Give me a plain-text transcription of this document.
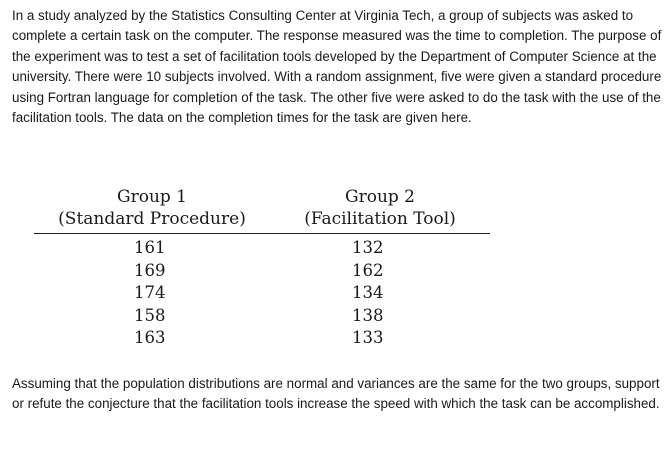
In a study analyzed by the Statistics Consulting Center at Virginia Tech, a group of subjects was asked to complete a certain task on the computer. The response measured was the time to completion. The purpose of the experiment was to test a set of facilitation tools developed by the Department of Computer Science at the university. There were 10 subjects involved. With a random assignment, five were given a standard procedure using Fortran language for completion of the task. The other five were asked to do the task with the use of the facilitation tools. The data on the completion times for the task are given here.

Group 1	Group 2
(Standard Procedure)	(Facilitation Tool)
161	132
169	162
174	134
158	138
163	133

Assuming that the population distributions are normal and variances are the same for the two groups, support or refute the conjecture that the facilitation tools increase the speed with which the task can be accomplished.
